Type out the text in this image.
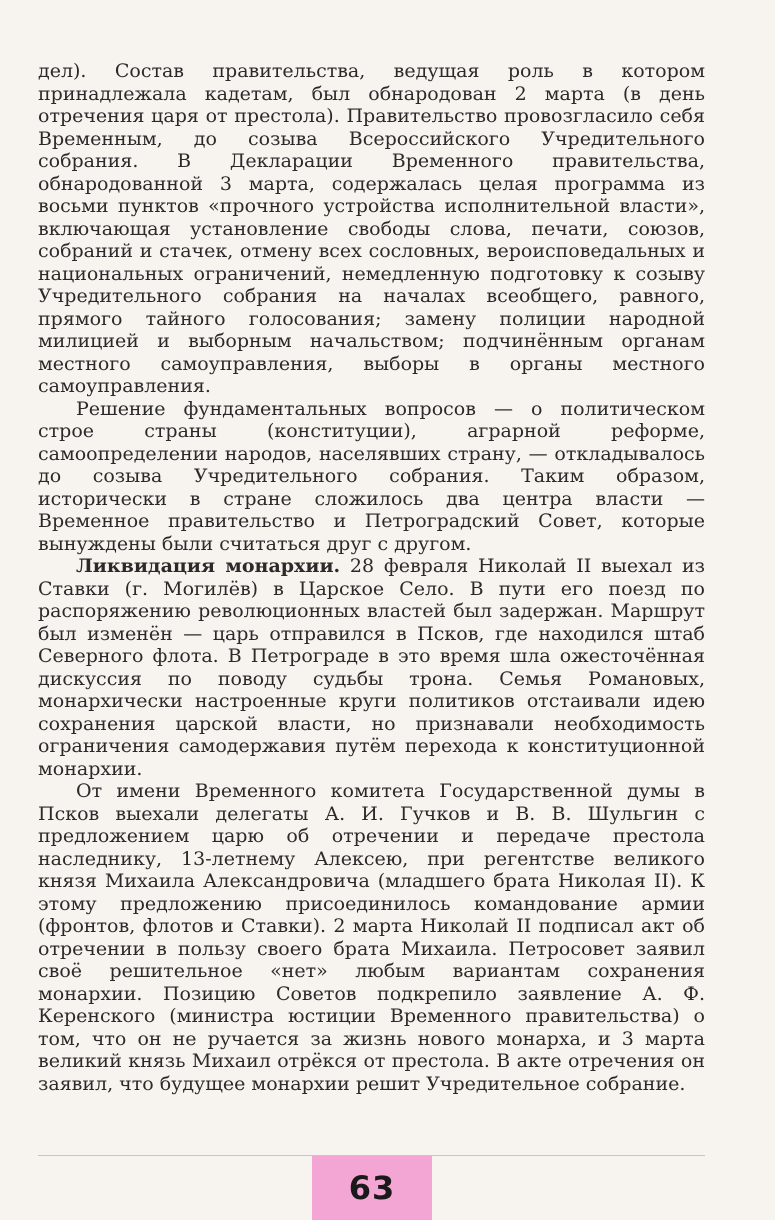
дел). Состав правительства, ведущая роль в котором принадлежала кадетам, был обнародован 2 марта (в день отречения царя от престола). Правительство провозгласило себя Временным, до созыва Всероссийского Учредительного собрания. В Декларации Временного правительства, обнародованной 3 марта, содержалась целая программа из восьми пунктов «прочного устройства исполнительной власти», включающая установление свободы слова, печати, союзов, собраний и стачек, отмену всех сословных, вероисповедальных и национальных ограничений, немедленную подготовку к созыву Учредительного собрания на началах всеобщего, равного, прямого тайного голосования; замену полиции народной милицией и выборным начальством; подчинённым органам местного самоуправления, выборы в органы местного самоуправления.

Решение фундаментальных вопросов — о политическом строе страны (конституции), аграрной реформе, самоопределении народов, населявших страну, — откладывалось до созыва Учредительного собрания. Таким образом, исторически в стране сложилось два центра власти — Временное правительство и Петроградский Совет, которые вынуждены были считаться друг с другом.

Ликвидация монархии. 28 февраля Николай II выехал из Ставки (г. Могилёв) в Царское Село. В пути его поезд по распоряжению революционных властей был задержан. Маршрут был изменён — царь отправился в Псков, где находился штаб Северного флота. В Петрограде в это время шла ожесточённая дискуссия по поводу судьбы трона. Семья Романовых, монархически настроенные круги политиков отстаивали идею сохранения царской власти, но признавали необходимость ограничения самодержавия путём перехода к конституционной монархии.

От имени Временного комитета Государственной думы в Псков выехали делегаты А. И. Гучков и В. В. Шульгин с предложением царю об отречении и передаче престола наследнику, 13-летнему Алексею, при регентстве великого князя Михаила Александровича (младшего брата Николая II). К этому предложению присоединилось командование армии (фронтов, флотов и Ставки). 2 марта Николай II подписал акт об отречении в пользу своего брата Михаила. Петросовет заявил своё решительное «нет» любым вариантам сохранения монархии. Позицию Советов подкрепило заявление А. Ф. Керенского (министра юстиции Временного правительства) о том, что он не ручается за жизнь нового монарха, и 3 марта великий князь Михаил отрёкся от престола. В акте отречения он заявил, что будущее монархии решит Учредительное собрание.

63
